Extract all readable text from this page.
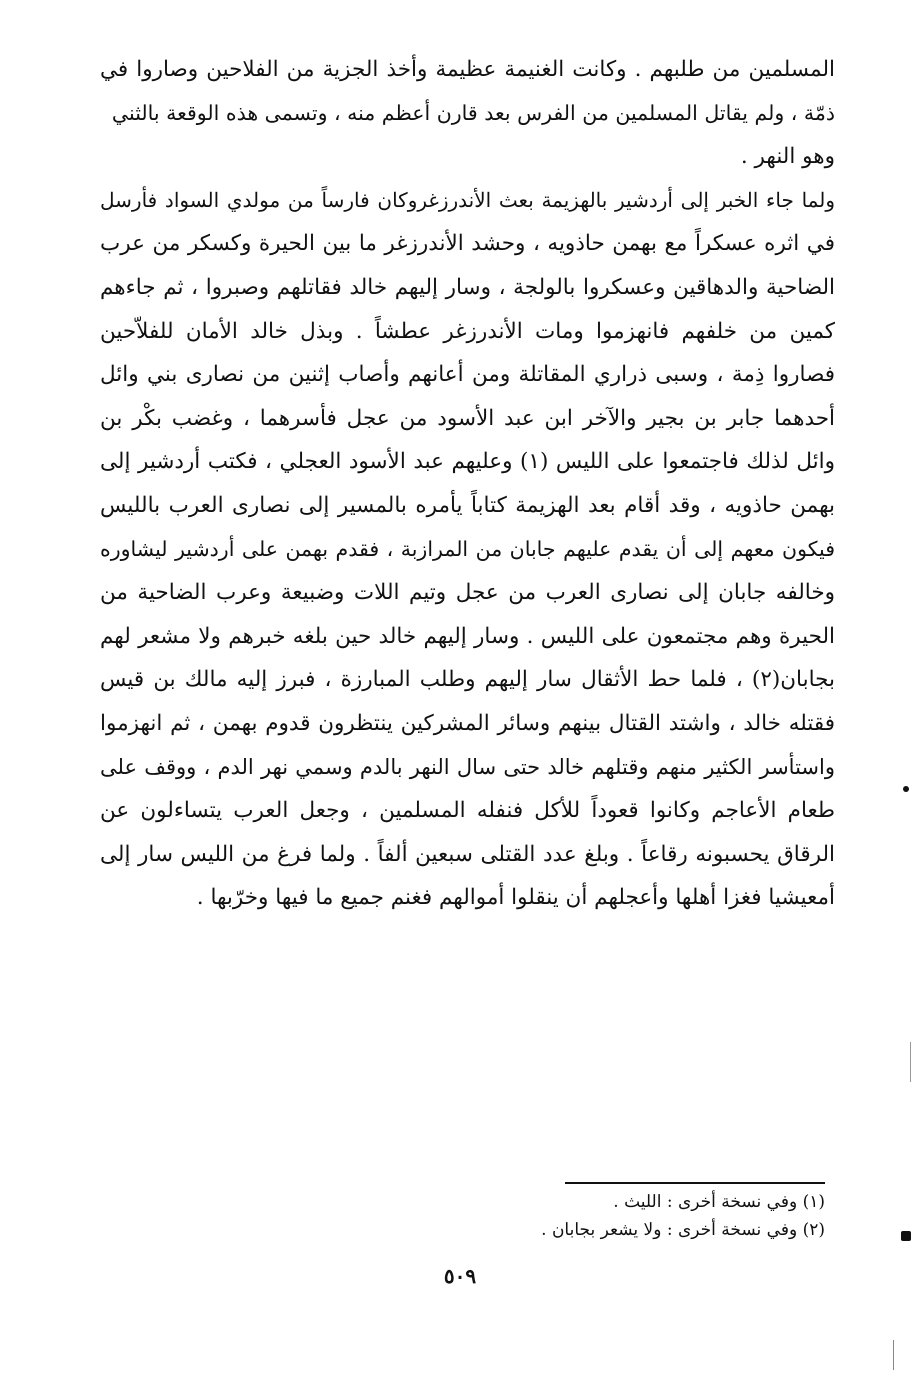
المسلمين من طلبهم . وكانت الغنيمة عظيمة وأخذ الجزية من الفلاحين وصاروا في
ذمّة ، ولم يقاتل المسلمين من الفرس بعد قارن أعظم منه ، وتسمى هذه الوقعة بالثني
وهو النهر .
ولما جاء الخبر إلى أردشير بالهزيمة بعث الأندرزغروكان فارساً من مولدي السواد فأرسل
في اثره عسكراً مع بهمن حاذويه ، وحشد الأندرزغر ما بين الحيرة وكسكر من عرب
الضاحية والدهاقين وعسكروا بالولجة ، وسار إليهم خالد فقاتلهم وصبروا ، ثم جاءهم
كمين من خلفهم فانهزموا ومات الأندرزغر عطشاً . وبذل خالد الأمان للفلاّحين
فصاروا ذِمة ، وسبى ذراري المقاتلة ومن أعانهم وأصاب إثنين من نصارى بني وائل
أحدهما جابر بن بجير والآخر ابن عبد الأسود من عجل فأسرهما ، وغضب بكْر بن
وائل لذلك فاجتمعوا على الليس (١) وعليهم عبد الأسود العجلي ، فكتب أردشير إلى
بهمن حاذويه ، وقد أقام بعد الهزيمة كتاباً يأمره بالمسير إلى نصارى العرب بالليس
فيكون معهم إلى أن يقدم عليهم جابان من المرازبة ، فقدم بهمن على أردشير ليشاوره
وخالفه جابان إلى نصارى العرب من عجل وتيم اللات وضبيعة وعرب الضاحية من
الحيرة وهم مجتمعون على الليس . وسار إليهم خالد حين بلغه خبرهم ولا مشعر لهم
بجابان(٢) ، فلما حط الأثقال سار إليهم وطلب المبارزة ، فبرز إليه مالك بن قيس
فقتله خالد ، واشتد القتال بينهم وسائر المشركين ينتظرون قدوم بهمن ، ثم انهزموا
واستأسر الكثير منهم وقتلهم خالد حتى سال النهر بالدم وسمي نهر الدم ، ووقف على
طعام الأعاجم وكانوا قعوداً للأكل فنفله المسلمين ، وجعل العرب يتساءلون عن
الرقاق يحسبونه رقاعاً . وبلغ عدد القتلى سبعين ألفاً . ولما فرغ من الليس سار إلى
أمعيشيا فغزا أهلها وأعجلهم أن ينقلوا أموالهم فغنم جميع ما فيها وخرّبها .
(١) وفي نسخة أخرى : الليث .
(٢) وفي نسخة أخرى : ولا يشعر بجابان .
٥٠٩
